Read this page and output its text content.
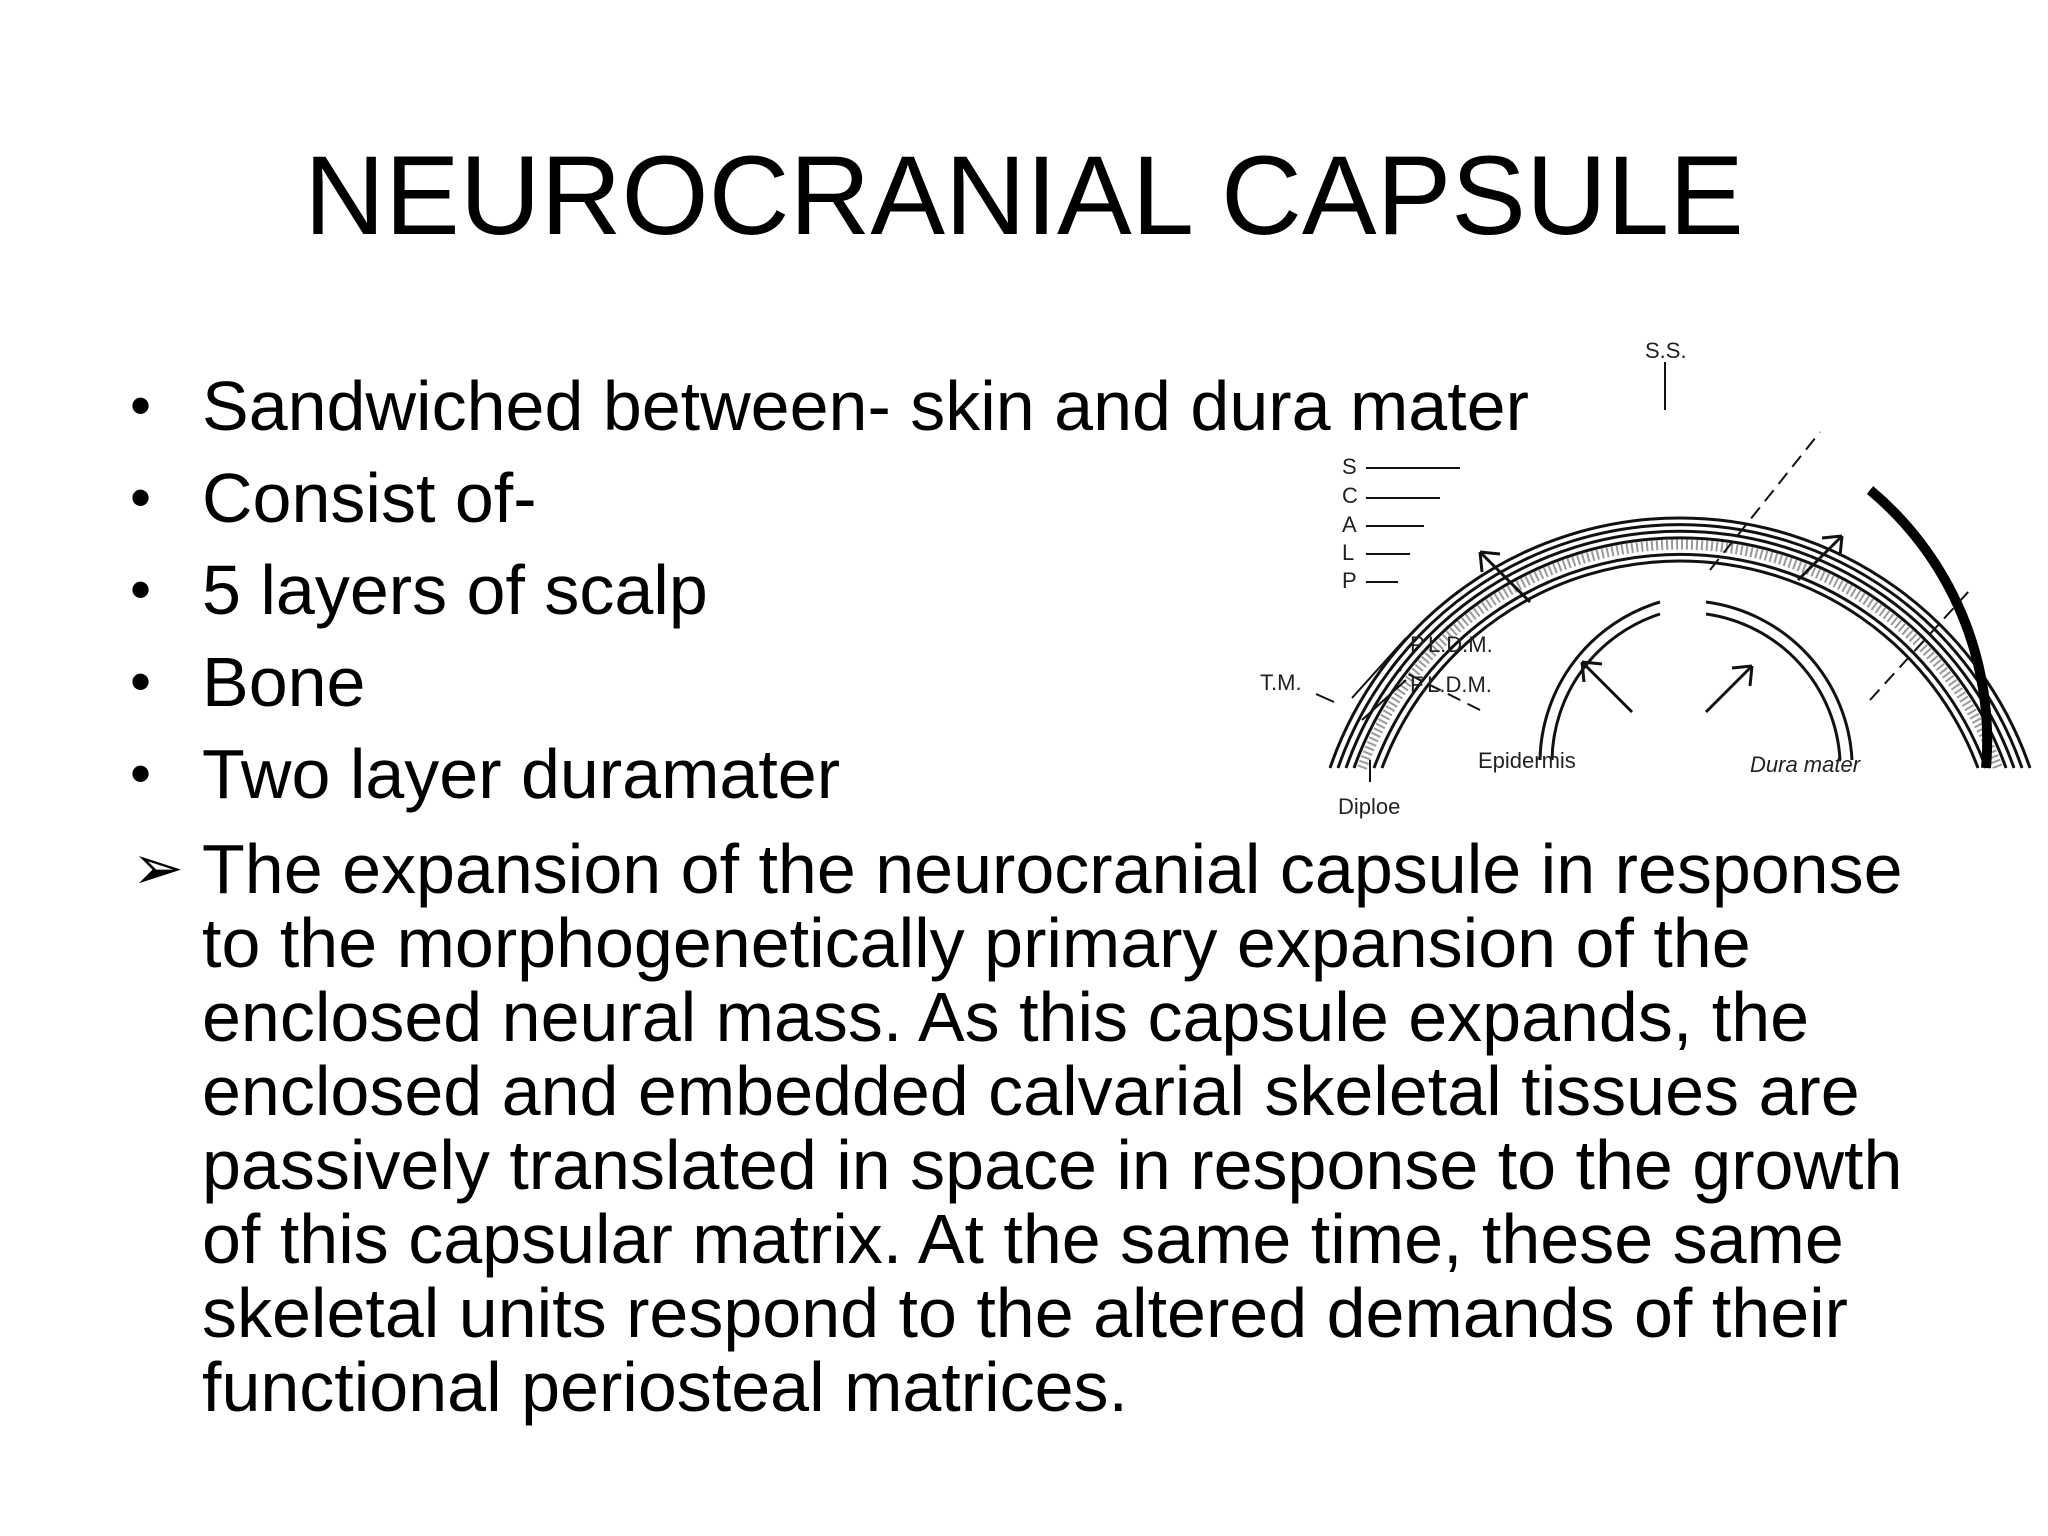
NEUROCRANIAL CAPSULE
• Sandwiched between- skin and dura mater
• Consist of-
• 5 layers of scalp
• Bone
• Two layer duramater
➢ The expansion of the neurocranial capsule in response to the morphogenetically primary expansion of the enclosed neural mass. As this capsule expands, the enclosed and embedded calvarial skeletal tissues are passively translated in space in response to the growth of this capsular matrix. At the same time, these same skeletal units respond to the altered demands of their functional periosteal matrices.
S.S.
S
C
A
L
P
P.L.D.M.
F.L.D.M.
T.M.
Epidermis	Dura mater
Diploe
